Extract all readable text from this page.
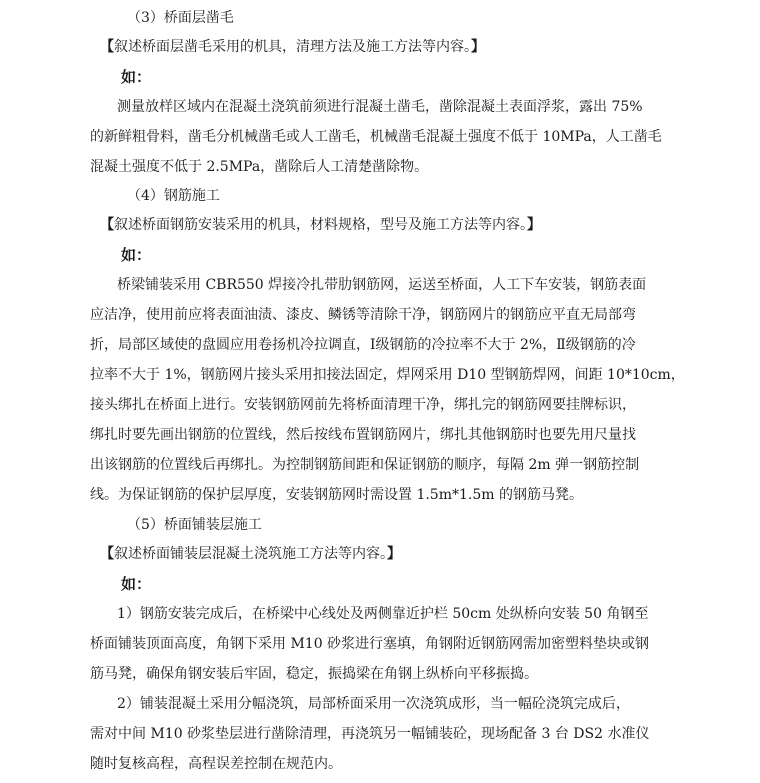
（3）桥面层凿毛
【叙述桥面层凿毛采用的机具，清理方法及施工方法等内容。】
如：
测量放样区域内在混凝土浇筑前须进行混凝土凿毛，凿除混凝土表面浮浆，露出 75%
的新鲜粗骨料，凿毛分机械凿毛或人工凿毛，机械凿毛混凝土强度不低于 10MPa，人工凿毛
混凝土强度不低于 2.5MPa，凿除后人工清楚凿除物。
（4）钢筋施工
【叙述桥面钢筋安装采用的机具，材料规格，型号及施工方法等内容。】
如：
桥梁铺装采用 CBR550 焊接冷扎带肋钢筋网，运送至桥面，人工下车安装，钢筋表面
应洁净，使用前应将表面油渍、漆皮、鳞锈等清除干净，钢筋网片的钢筋应平直无局部弯
折，局部区域使的盘圆应用卷扬机冷拉调直，Ⅰ级钢筋的冷拉率不大于 2%，Ⅱ级钢筋的冷
拉率不大于 1%，钢筋网片接头采用扣接法固定，焊网采用 D10 型钢筋焊网，间距 10*10cm，
接头绑扎在桥面上进行。安装钢筋网前先将桥面清理干净，绑扎完的钢筋网要挂牌标识，
绑扎时要先画出钢筋的位置线，然后按线布置钢筋网片，绑扎其他钢筋时也要先用尺量找
出该钢筋的位置线后再绑扎。为控制钢筋间距和保证钢筋的顺序，每隔 2m 弹一钢筋控制
线。为保证钢筋的保护层厚度，安装钢筋网时需设置 1.5m*1.5m 的钢筋马凳。
（5）桥面铺装层施工
【叙述桥面铺装层混凝土浇筑施工方法等内容。】
如：
1）钢筋安装完成后，在桥梁中心线处及两侧靠近护栏 50cm 处纵桥向安装 50 角钢至
桥面铺装顶面高度，角钢下采用 M10 砂浆进行塞填，角钢附近钢筋网需加密塑料垫块或钢
筋马凳，确保角钢安装后牢固，稳定，振捣梁在角钢上纵桥向平移振捣。
2）铺装混凝土采用分幅浇筑，局部桥面采用一次浇筑成形，当一幅砼浇筑完成后，
需对中间 M10 砂浆垫层进行凿除清理，再浇筑另一幅铺装砼，现场配备 3 台 DS2 水准仪
随时复核高程，高程误差控制在规范内。
